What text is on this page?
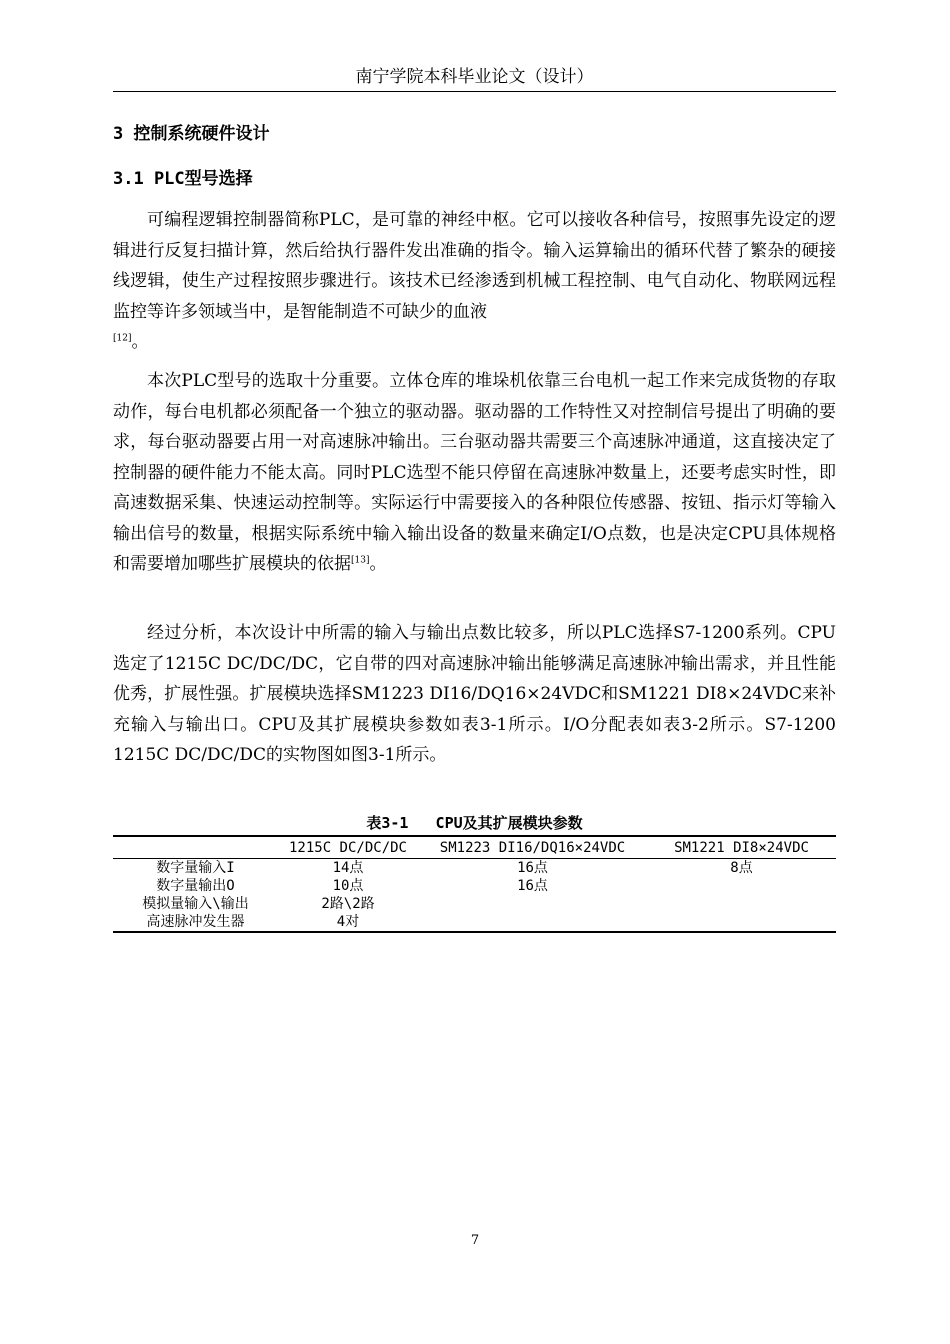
南宁学院本科毕业论文（设计）
3 控制系统硬件设计
3.1 PLC型号选择

可编程逻辑控制器简称PLC，是可靠的神经中枢。它可以接收各种信号，按照事先设定的逻辑进行反复扫描计算，然后给执行器件发出准确的指令。输入运算输出的循环代替了繁杂的硬接线逻辑，使生产过程按照步骤进行。该技术已经渗透到机械工程控制、电气自动化、物联网远程监控等许多领域当中，是智能制造不可缺少的血液
[12]。

本次PLC型号的选取十分重要。立体仓库的堆垛机依靠三台电机一起工作来完成货物的存取动作，每台电机都必须配备一个独立的驱动器。驱动器的工作特性又对控制信号提出了明确的要求，每台驱动器要占用一对高速脉冲输出。三台驱动器共需要三个高速脉冲通道，这直接决定了控制器的硬件能力不能太高。同时PLC选型不能只停留在高速脉冲数量上，还要考虑实时性，即高速数据采集、快速运动控制等。实际运行中需要接入的各种限位传感器、按钮、指示灯等输入输出信号的数量，根据实际系统中输入输出设备的数量来确定I/O点数，也是决定CPU具体规格和需要增加哪些扩展模块的依据[13]。

经过分析，本次设计中所需的输入与输出点数比较多，所以PLC选择S7-1200系列。CPU选定了1215C DC/DC/DC，它自带的四对高速脉冲输出能够满足高速脉冲输出需求，并且性能优秀，扩展性强。扩展模块选择SM1223 DI16/DQ16×24VDC和SM1221 DI8×24VDC来补充输入与输出口。CPU及其扩展模块参数如表3-1所示。I/O分配表如表3-2所示。S7-1200 1215C DC/DC/DC的实物图如图3-1所示。

表3-1 CPU及其扩展模块参数
	1215C DC/DC/DC	SM1223 DI16/DQ16×24VDC	SM1221 DI8×24VDC
数字量输入I	14点	16点	8点
数字量输出O	10点	16点	
模拟量输入\输出	2路\2路		
高速脉冲发生器	4对		
7
